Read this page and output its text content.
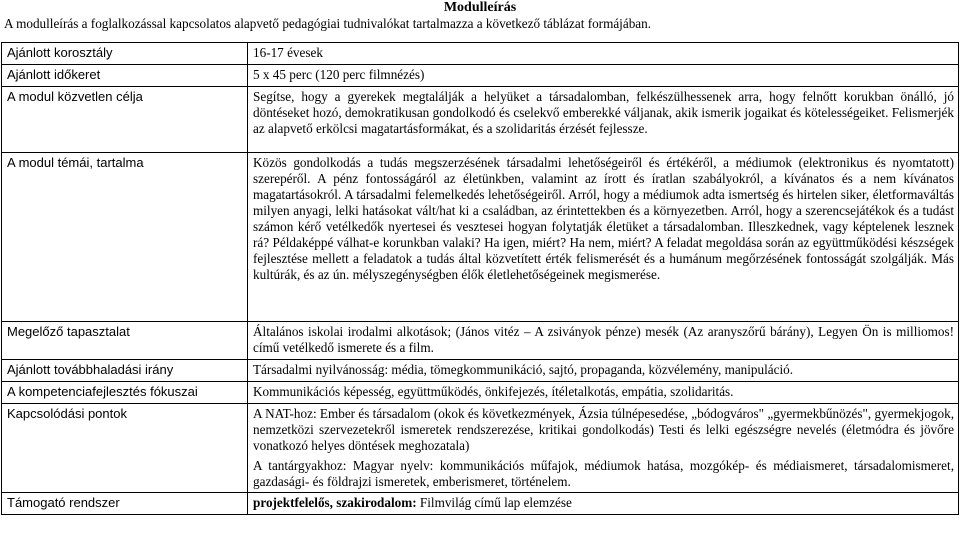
Modulleírás
A modulleírás a foglalkozással kapcsolatos alapvető pedagógiai tudnivalókat tartalmazza a következő táblázat formájában.
Ajánlott korosztály	16-17 évesek
Ajánlott időkeret	5 x 45 perc (120 perc filmnézés)
A modul közvetlen célja	Segítse, hogy a gyerekek megtalálják a helyüket a társadalomban, felkészülhessenek arra, hogy felnőtt korukban önálló, jó döntéseket hozó, demokratikusan gondolkodó és cselekvő emberekké váljanak, akik ismerik jogaikat és kötelességeiket. Felismerjék az alapvető erkölcsi magatartásformákat, és a szolidaritás érzését fejlessze.
A modul témái, tartalma	Közös gondolkodás a tudás megszerzésének társadalmi lehetőségeiről és értékéről, a médiumok (elektronikus és nyomtatott) szerepéről. A pénz fontosságáról az életünkben, valamint az írott és íratlan szabályokról, a kívánatos és a nem kívánatos magatartásokról. A társadalmi felemelkedés lehetőségeiről. Arról, hogy a médiumok adta ismertség és hirtelen siker, életformaváltás milyen anyagi, lelki hatásokat vált/hat ki a családban, az érintettekben és a környezetben. Arról, hogy a szerencsejátékok és a tudást számon kérő vetélkedők nyertesei és vesztesei hogyan folytatják életüket a társadalomban. Illeszkednek, vagy képtelenek lesznek rá? Példaképpé válhat-e korunkban valaki? Ha igen, miért? Ha nem, miért? A feladat megoldása során az együttműködési készségek fejlesztése mellett a feladatok a tudás által közvetített érték felismerését és a humánum megőrzésének fontosságát szolgálják. Más kultúrák, és az ún. mélyszegénységben élők életlehetőségeinek megismerése.
Megelőző tapasztalat	Általános iskolai irodalmi alkotások; (János vitéz – A zsiványok pénze) mesék (Az aranyszőrű bárány), Legyen Ön is milliomos! című vetélkedő ismerete és a film.
Ajánlott továbbhaladási irány	Társadalmi nyilvánosság: média, tömegkommunikáció, sajtó, propaganda, közvélemény, manipuláció.
A kompetenciafejlesztés fókuszai	Kommunikációs képesség, együttműködés, önkifejezés, ítéletalkotás, empátia, szolidaritás.
Kapcsolódási pontok	A NAT-hoz: Ember és társadalom (okok és következmények, Ázsia túlnépesedése, „bódogváros" „gyermekbűnözés", gyermekjogok, nemzetközi szervezetekről ismeretek rendszerezése, kritikai gondolkodás) Testi és lelki egészségre nevelés (életmódra és jövőre vonatkozó helyes döntések meghozatala)

A tantárgyakhoz: Magyar nyelv: kommunikációs műfajok, médiumok hatása, mozgókép- és médiaismeret, társadalomismeret, gazdasági- és földrajzi ismeretek, emberismeret, történelem.

Támogató rendszer	projektfelelős, szakirodalom: Filmvilág című lap elemzése
